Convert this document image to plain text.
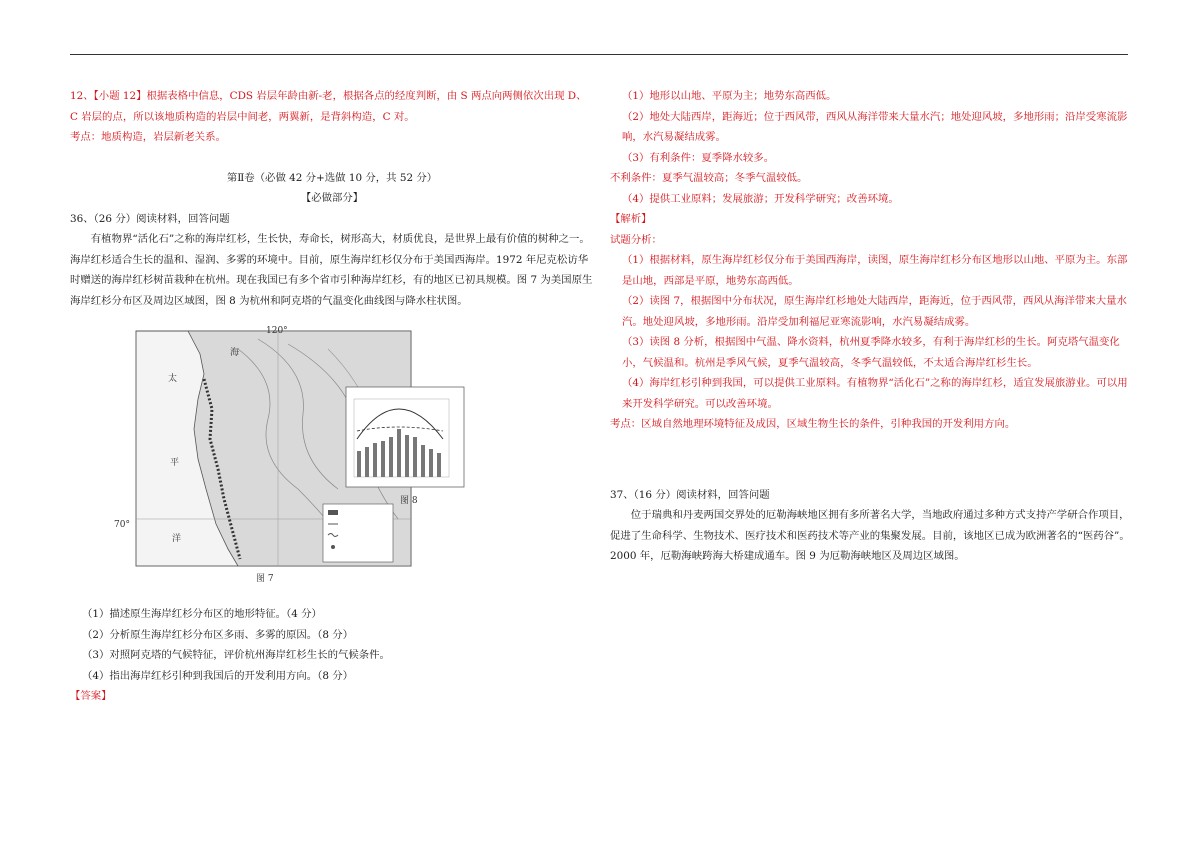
12、【小题 12】根据表格中信息，CDS 岩层年龄由新-老，根据各点的经度判断，由 S 两点向两侧依次出现 D、C 岩层的点，所以该地质构造的岩层中间老，两翼新，是背斜构造，C 对。

考点：地质构造，岩层新老关系。

第Ⅱ卷（必做 42 分+选做 10 分，共 52 分）

【必做部分】

36、（26 分）阅读材料，回答问题

有植物界“活化石”之称的海岸红杉，生长快，寿命长，树形高大，材质优良，是世界上最有价值的树种之一。海岸红杉适合生长的温和、湿润、多雾的环境中。目前，原生海岸红杉仅分布于美国西海岸。1972 年尼克松访华时赠送的海岸红杉树苗栽种在杭州。现在我国已有多个省市引种海岸红杉，有的地区已初具规模。图 7 为美国原生海岸红杉分布区及周边区域图，图 8 为杭州和阿克塔的气温变化曲线图与降水柱状图。

太
平
洋
海
120°
70°
图 7
图 8

（1）描述原生海岸红杉分布区的地形特征。（4 分）

（2）分析原生海岸红杉分布区多雨、多雾的原因。（8 分）

（3）对照阿克塔的气候特征，评价杭州海岸红杉生长的气候条件。

（4）指出海岸红杉引种到我国后的开发利用方向。（8 分）

【答案】

（1）地形以山地、平原为主；地势东高西低。

（2）地处大陆西岸，距海近；位于西风带，西风从海洋带来大量水汽；地处迎风坡，多地形雨；沿岸受寒流影响，水汽易凝结成雾。

（3）有利条件：夏季降水较多。

不利条件：夏季气温较高；冬季气温较低。

（4）提供工业原料；发展旅游；开发科学研究；改善环境。

【解析】

试题分析：

（1）根据材料，原生海岸红杉仅分布于美国西海岸，读图，原生海岸红杉分布区地形以山地、平原为主。东部是山地，西部是平原，地势东高西低。

（2）读图 7，根据图中分布状况，原生海岸红杉地处大陆西岸，距海近，位于西风带，西风从海洋带来大量水汽。地处迎风坡，多地形雨。沿岸受加利福尼亚寒流影响，水汽易凝结成雾。

（3）读图 8 分析，根据图中气温、降水资料，杭州夏季降水较多，有利于海岸红杉的生长。阿克塔气温变化小，气候温和。杭州是季风气候，夏季气温较高，冬季气温较低，不太适合海岸红杉生长。

（4）海岸红杉引种到我国，可以提供工业原料。有植物界“活化石”之称的海岸红杉，适宜发展旅游业。可以用来开发科学研究。可以改善环境。

考点：区域自然地理环境特征及成因，区域生物生长的条件，引种我国的开发利用方向。

37、（16 分）阅读材料，回答问题

位于瑞典和丹麦两国交界处的厄勒海峡地区拥有多所著名大学，当地政府通过多种方式支持产学研合作项目，促进了生命科学、生物技术、医疗技术和医药技术等产业的集聚发展。目前，该地区已成为欧洲著名的“医药谷”。

2000 年，厄勒海峡跨海大桥建成通车。图 9 为厄勒海峡地区及周边区域图。
